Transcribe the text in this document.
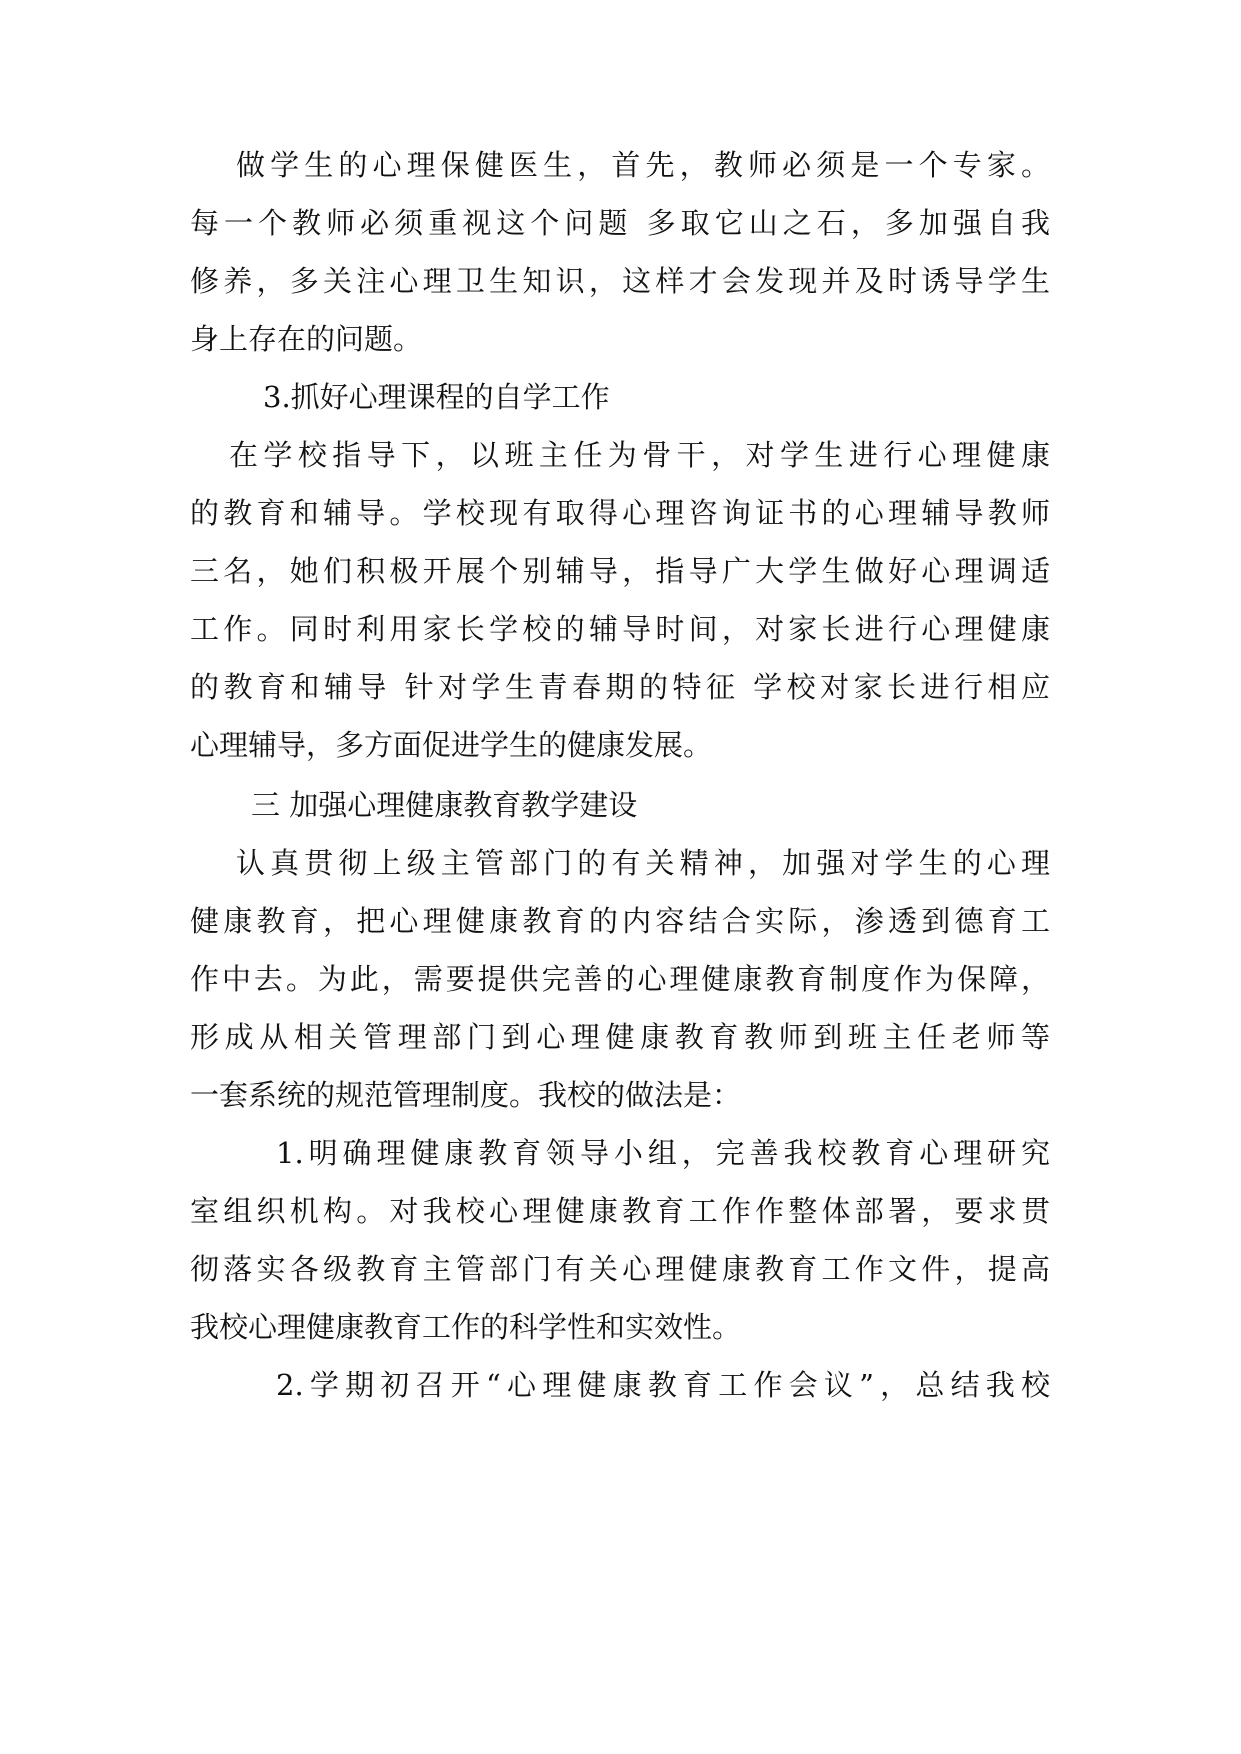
做学生的心理保健医生，首先，教师必须是一个专家。
每一个教师必须重视这个问题 多取它山之石，多加强自我
修养，多关注心理卫生知识，这样才会发现并及时诱导学生
身上存在的问题。
3.抓好心理课程的自学工作
在学校指导下，以班主任为骨干，对学生进行心理健康
的教育和辅导。学校现有取得心理咨询证书的心理辅导教师
三名，她们积极开展个别辅导，指导广大学生做好心理调适
工作。同时利用家长学校的辅导时间，对家长进行心理健康
的教育和辅导 针对学生青春期的特征 学校对家长进行相应
心理辅导，多方面促进学生的健康发展。
三 加强心理健康教育教学建设
认真贯彻上级主管部门的有关精神，加强对学生的心理
健康教育，把心理健康教育的内容结合实际，渗透到德育工
作中去。为此，需要提供完善的心理健康教育制度作为保障，
形成从相关管理部门到心理健康教育教师到班主任老师等
一套系统的规范管理制度。我校的做法是：
1.明确理健康教育领导小组，完善我校教育心理研究
室组织机构。对我校心理健康教育工作作整体部署，要求贯
彻落实各级教育主管部门有关心理健康教育工作文件，提高
我校心理健康教育工作的科学性和实效性。
2.学期初召开“心理健康教育工作会议”，总结我校
